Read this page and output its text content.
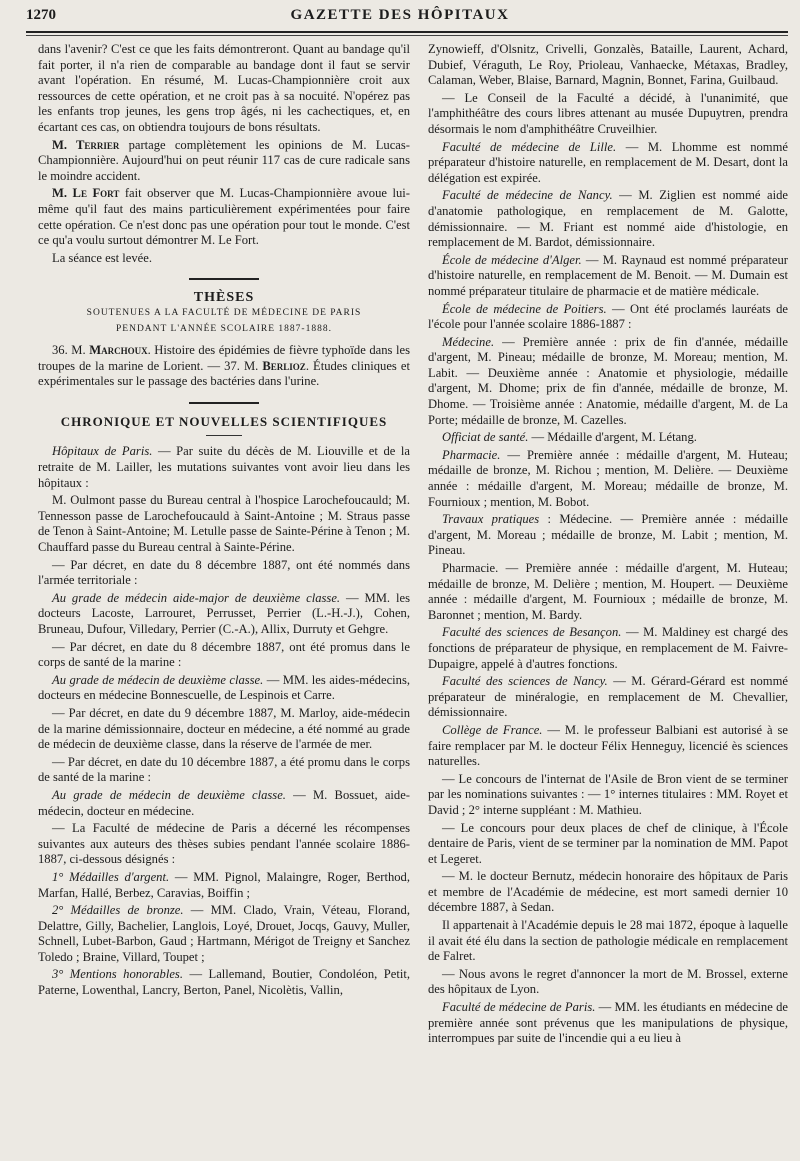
1270	GAZETTE DES HÔPITAUX

dans l'avenir? C'est ce que les faits démontreront. Quant au bandage qu'il fait porter, il n'a rien de comparable au bandage dont il faut se servir avant l'opération. En résumé, M. Lucas-Championnière croit aux ressources de cette opération, et ne croit pas à sa nocuité. N'opérez pas les enfants trop jeunes, les gens trop âgés, ni les cachectiques, et, en écartant ces cas, on obtiendra toujours de bons résultats.

M. Terrier partage complètement les opinions de M. Lucas-Championnière. Aujourd'hui on peut réunir 117 cas de cure radicale sans le moindre accident.

M. Le Fort fait observer que M. Lucas-Championnière avoue lui-même qu'il faut des mains particulièrement expérimentées pour faire cette opération. Ce n'est donc pas une opération pour tout le monde. C'est ce qu'a voulu surtout démontrer M. Le Fort.

La séance est levée.

THÈSES
SOUTENUES A LA FACULTÉ DE MÉDECINE DE PARIS
PENDANT L'ANNÉE SCOLAIRE 1887-1888.

36. M. Marchoux. Histoire des épidémies de fièvre typhoïde dans les troupes de la marine de Lorient. — 37. M. Berlioz. Études cliniques et expérimentales sur le passage des bactéries dans l'urine.

CHRONIQUE ET NOUVELLES SCIENTIFIQUES

Hôpitaux de Paris. — Par suite du décès de M. Liouville et de la retraite de M. Lailler, les mutations suivantes vont avoir lieu dans les hôpitaux :

M. Oulmont passe du Bureau central à l'hospice Larochefoucauld; M. Tennesson passe de Larochefoucauld à Saint-Antoine ; M. Straus passe de Tenon à Saint-Antoine; M. Letulle passe de Sainte-Périne à Tenon ; M. Chauffard passe du Bureau central à Sainte-Périne.

— Par décret, en date du 8 décembre 1887, ont été nommés dans l'armée territoriale :

Au grade de médecin aide-major de deuxième classe. — MM. les docteurs Lacoste, Larrouret, Perrusset, Perrier (L.-H.-J.), Cohen, Bruneau, Dufour, Villedary, Perrier (C.-A.), Allix, Durruty et Gehgre.

— Par décret, en date du 8 décembre 1887, ont été promus dans le corps de santé de la marine :

Au grade de médecin de deuxième classe. — MM. les aides-médecins, docteurs en médecine Bonnescuelle, de Lespinois et Carre.

— Par décret, en date du 9 décembre 1887, M. Marloy, aide-médecin de la marine démissionnaire, docteur en médecine, a été nommé au grade de médecin de deuxième classe, dans la réserve de l'armée de mer.

— Par décret, en date du 10 décembre 1887, a été promu dans le corps de santé de la marine :

Au grade de médecin de deuxième classe. — M. Bossuet, aide-médecin, docteur en médecine.

— La Faculté de médecine de Paris a décerné les récompenses suivantes aux auteurs des thèses subies pendant l'année scolaire 1886-1887, ci-dessous désignés :

1° Médailles d'argent. — MM. Pignol, Malaingre, Roger, Berthod, Marfan, Hallé, Berbez, Caravias, Boiffin ;

2° Médailles de bronze. — MM. Clado, Vrain, Véteau, Florand, Delattre, Gilly, Bachelier, Langlois, Loyé, Drouet, Jocqs, Gauvy, Muller, Schnell, Lubet-Barbon, Gaud ; Hartmann, Mérigot de Treigny et Sanchez Toledo ; Braine, Villard, Toupet ;

3° Mentions honorables. — Lallemand, Boutier, Condoléon, Petit, Paterne, Lowenthal, Lancry, Berton, Panel, Nicolètis, Vallin,

Zynowieff, d'Olsnitz, Crivelli, Gonzalès, Bataille, Laurent, Achard, Dubief, Véraguth, Le Roy, Prioleau, Vanhaecke, Métaxas, Bradley, Calaman, Weber, Blaise, Barnard, Magnin, Bonnet, Farina, Guilbaud.

— Le Conseil de la Faculté a décidé, à l'unanimité, que l'amphithéâtre des cours libres attenant au musée Dupuytren, prendra désormais le nom d'amphithéâtre Cruveilhier.

Faculté de médecine de Lille. — M. Lhomme est nommé préparateur d'histoire naturelle, en remplacement de M. Desart, dont la délégation est expirée.

Faculté de médecine de Nancy. — M. Ziglien est nommé aide d'anatomie pathologique, en remplacement de M. Galotte, démissionnaire. — M. Friant est nommé aide d'histologie, en remplacement de M. Bardot, démissionnaire.

École de médecine d'Alger. — M. Raynaud est nommé préparateur d'histoire naturelle, en remplacement de M. Benoit. — M. Dumain est nommé préparateur titulaire de pharmacie et de matière médicale.

École de médecine de Poitiers. — Ont été proclamés lauréats de l'école pour l'année scolaire 1886-1887 :

Médecine. — Première année : prix de fin d'année, médaille d'argent, M. Pineau; médaille de bronze, M. Moreau; mention, M. Labit. — Deuxième année : Anatomie et physiologie, médaille d'argent, M. Dhome; prix de fin d'année, médaille de bronze, M. Dhome. — Troisième année : Anatomie, médaille d'argent, M. de La Porte; médaille de bronze, M. Cazelles.

Officiat de santé. — Médaille d'argent, M. Létang.

Pharmacie. — Première année : médaille d'argent, M. Huteau; médaille de bronze, M. Richou ; mention, M. Delière. — Deuxième année : médaille d'argent, M. Moreau; médaille de bronze, M. Fournioux ; mention, M. Bobot.

Travaux pratiques : Médecine. — Première année : médaille d'argent, M. Moreau ; médaille de bronze, M. Labit ; mention, M. Pineau.

Pharmacie. — Première année : médaille d'argent, M. Huteau; médaille de bronze, M. Delière ; mention, M. Houpert. — Deuxième année : médaille d'argent, M. Fournioux ; médaille de bronze, M. Baronnet ; mention, M. Bardy.

Faculté des sciences de Besançon. — M. Maldiney est chargé des fonctions de préparateur de physique, en remplacement de M. Faivre-Dupaigre, appelé à d'autres fonctions.

Faculté des sciences de Nancy. — M. Gérard-Gérard est nommé préparateur de minéralogie, en remplacement de M. Chevallier, démissionnaire.

Collège de France. — M. le professeur Balbiani est autorisé à se faire remplacer par M. le docteur Félix Henneguy, licencié ès sciences naturelles.

— Le concours de l'internat de l'Asile de Bron vient de se terminer par les nominations suivantes : — 1° internes titulaires : MM. Royet et David ; 2° interne suppléant : M. Mathieu.

— Le concours pour deux places de chef de clinique, à l'École dentaire de Paris, vient de se terminer par la nomination de MM. Papot et Legeret.

— M. le docteur Bernutz, médecin honoraire des hôpitaux de Paris et membre de l'Académie de médecine, est mort samedi dernier 10 décembre 1887, à Sedan.

Il appartenait à l'Académie depuis le 28 mai 1872, époque à laquelle il avait été élu dans la section de pathologie médicale en remplacement de Falret.

— Nous avons le regret d'annoncer la mort de M. Brossel, externe des hôpitaux de Lyon.

Faculté de médecine de Paris. — MM. les étudiants en médecine de première année sont prévenus que les manipulations de physique, interrompues par suite de l'incendie qui a eu lieu à
